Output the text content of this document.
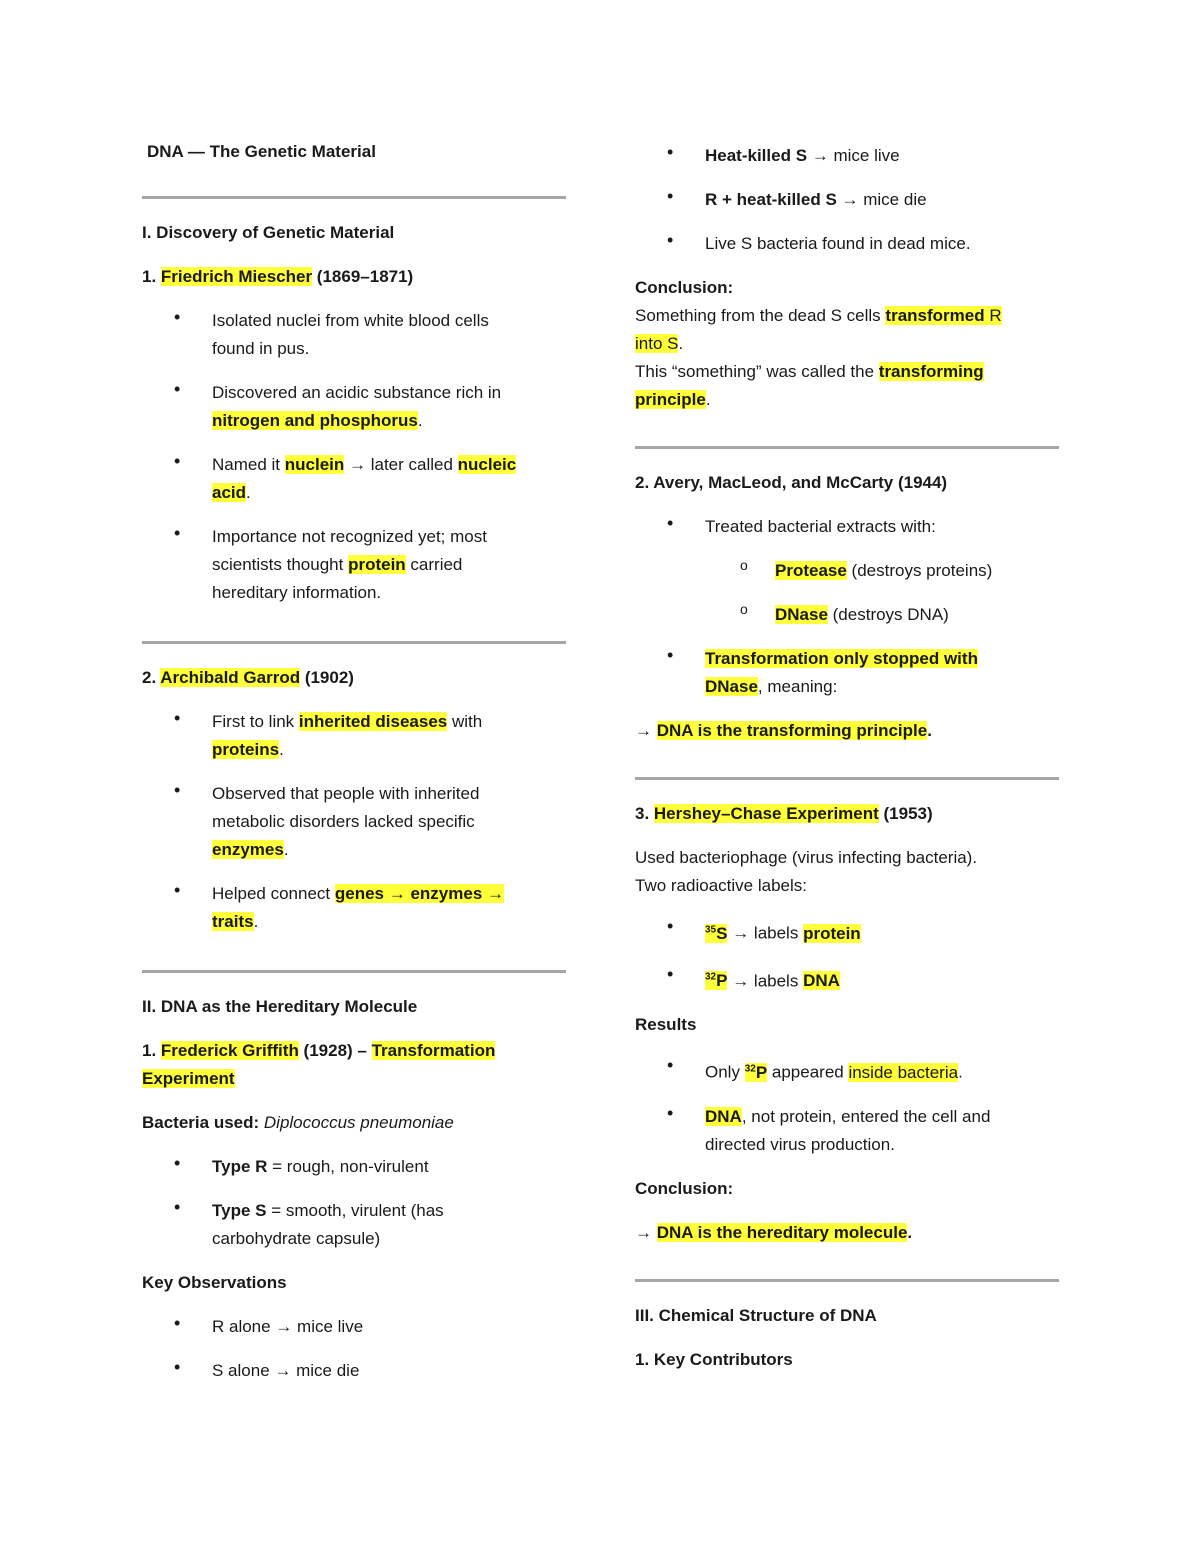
DNA — The Genetic Material

I. Discovery of Genetic Material

1. Friedrich Miescher (1869–1871)

• Isolated nuclei from white blood cells

found in pus.

• Discovered an acidic substance rich in

nitrogen and phosphorus.

• Named it nuclein → later called nucleic

acid.

• Importance not recognized yet; most

scientists thought protein carried

hereditary information.

2. Archibald Garrod (1902)

• First to link inherited diseases with

proteins.

• Observed that people with inherited

metabolic disorders lacked specific

enzymes.

• Helped connect genes → enzymes →

traits.

II. DNA as the Hereditary Molecule

1. Frederick Griffith (1928) – Transformation

Experiment

Bacteria used: Diplococcus pneumoniae

• Type R = rough, non-virulent

• Type S = smooth, virulent (has

carbohydrate capsule)

Key Observations

• R alone → mice live

• S alone → mice die

• Heat-killed S → mice live

• R + heat-killed S → mice die

• Live S bacteria found in dead mice.

Conclusion:

Something from the dead S cells transformed R

into S.

This “something” was called the transforming

principle.

2. Avery, MacLeod, and McCarty (1944)

• Treated bacterial extracts with:

o Protease (destroys proteins)

o DNase (destroys DNA)

• Transformation only stopped with

DNase, meaning:

→ DNA is the transforming principle.

3. Hershey–Chase Experiment (1953)

Used bacteriophage (virus infecting bacteria).

Two radioactive labels:

• $^{35}$S → labels protein

• $^{32}$P → labels DNA

Results

• Only $^{32}$P appeared inside bacteria.

• DNA, not protein, entered the cell and

directed virus production.

Conclusion:

→ DNA is the hereditary molecule.

III. Chemical Structure of DNA

1. Key Contributors
